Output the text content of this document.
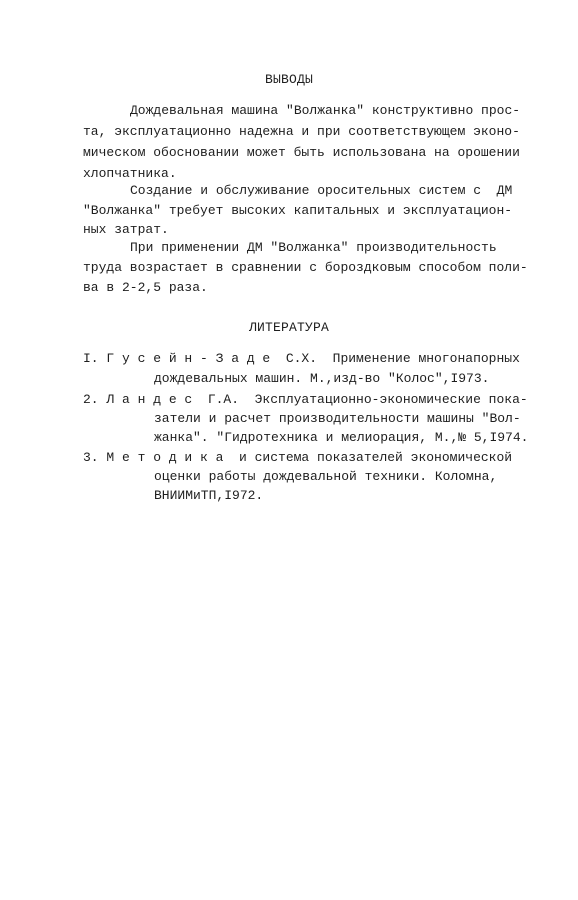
ВЫВОДЫ
Дождевальная машина "Волжанка" конструктивно прос-
та, эксплуатационно надежна и при соответствующем эконо-
мическом обосновании может быть использована на орошении
хлопчатника.
Создание и обслуживание оросительных систем с  ДМ
"Волжанка" требует высоких капитальных и эксплуатацион-
ных затрат.
При применении ДМ "Волжанка" производительность
труда возрастает в сравнении с бороздковым способом поли-
ва в 2-2,5 раза.
ЛИТЕРАТУРА
I. Г у с е й н - З а д е  С.Х.  Применение многонапорных
дождевальных машин. М.,изд-во "Колос",I973.
2. Л а н д е с  Г.А.  Эксплуатационно-экономические пока-
затели и расчет производительности машины "Вол-
жанка". "Гидротехника и мелиорация, М.,№ 5,I974.
3. М е т о д и к а  и система показателей экономической
оценки работы дождевальной техники. Коломна,
ВНИИМиТП,I972.
